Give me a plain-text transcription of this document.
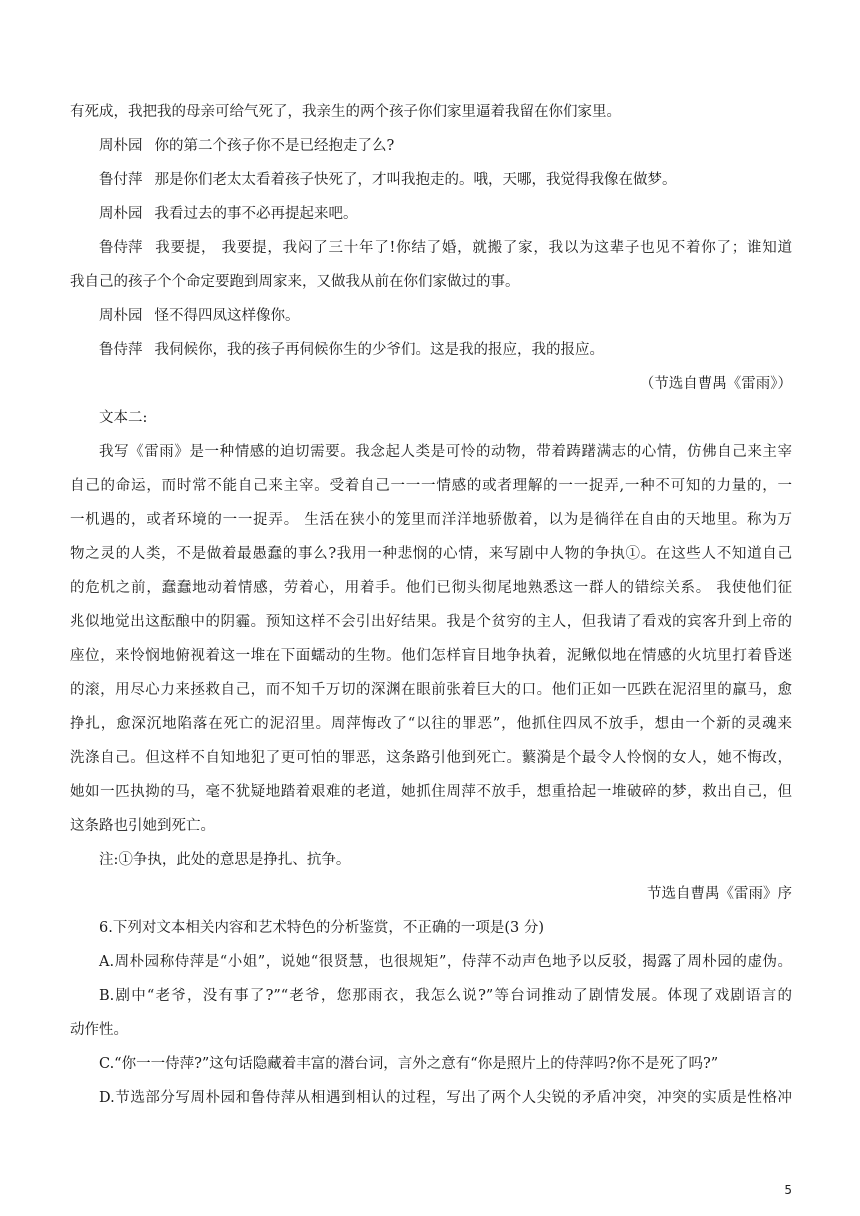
有死成，我把我的母亲可给气死了，我亲生的两个孩子你们家里逼着我留在你们家里。
周朴园 你的第二个孩子你不是已经抱走了么?
鲁付萍 那是你们老太太看着孩子快死了，才叫我抱走的。哦，天哪，我觉得我像在做梦。
周朴园 我看过去的事不必再提起来吧。
鲁侍萍 我要提， 我要提，我闷了三十年了!你结了婚，就搬了家，我以为这辈子也见不着你了；谁知道
我自己的孩子个个命定要跑到周家来，又做我从前在你们家做过的事。
周朴园 怪不得四凤这样像你。
鲁侍萍 我伺候你，我的孩子再伺候你生的少爷们。这是我的报应，我的报应。
（节选自曹禺《雷雨》）
文本二:
我写《雷雨》是一种情感的迫切需要。我念起人类是可怜的动物，带着踌躇满志的心情，仿佛自己来主宰
自己的命运，而时常不能自己来主宰。受着自己一一一情感的或者理解的一一捉弄,一种不可知的力量的，一
一机遇的，或者环境的一一捉弄。 生活在狭小的笼里而洋洋地骄傲着，以为是徜徉在自由的天地里。称为万
物之灵的人类，不是做着最愚蠢的事么?我用一种悲悯的心情，来写剧中人物的争执①。在这些人不知道自己
的危机之前，蠢蠢地动着情感，劳着心，用着手。他们已彻头彻尾地熟悉这一群人的错综关系。 我使他们征
兆似地觉出这酝酿中的阴霾。预知这样不会引出好结果。我是个贫穷的主人，但我请了看戏的宾客升到上帝的
座位，来怜悯地俯视着这一堆在下面蠕动的生物。他们怎样盲目地争执着，泥鳅似地在情感的火坑里打着昏迷
的滚，用尽心力来拯救自己，而不知千万切的深渊在眼前张着巨大的口。他们正如一匹跌在泥沼里的羸马，愈
挣扎，愈深沉地陷落在死亡的泥沼里。周萍悔改了“以往的罪恶”，他抓住四凤不放手，想由一个新的灵魂来
洗涤自己。但这样不自知地犯了更可怕的罪恶，这条路引他到死亡。蘩漪是个最令人怜悯的女人，她不悔改，
她如一匹执拗的马，毫不犹疑地踏着艰难的老道，她抓住周萍不放手，想重拾起一堆破碎的梦，救出自己，但
这条路也引她到死亡。
注:①争执，此处的意思是挣扎、抗争。
节选自曹禺《雷雨》序
6.下列对文本相关内容和艺术特色的分析鉴赏，不正确的一项是(3 分)
A.周朴园称侍萍是“小姐”，说她“很贤慧，也很规矩”，侍萍不动声色地予以反驳，揭露了周朴园的虚伪。
B.剧中“老爷，没有事了?”“老爷，您那雨衣，我怎么说?”等台词推动了剧情发展。体现了戏剧语言的
动作性。
C.“你一一侍萍?”这句话隐藏着丰富的潜台词，言外之意有“你是照片上的侍萍吗?你不是死了吗?”
D.节选部分写周朴园和鲁侍萍从相遇到相认的过程，写出了两个人尖锐的矛盾冲突，冲突的实质是性格冲
5
